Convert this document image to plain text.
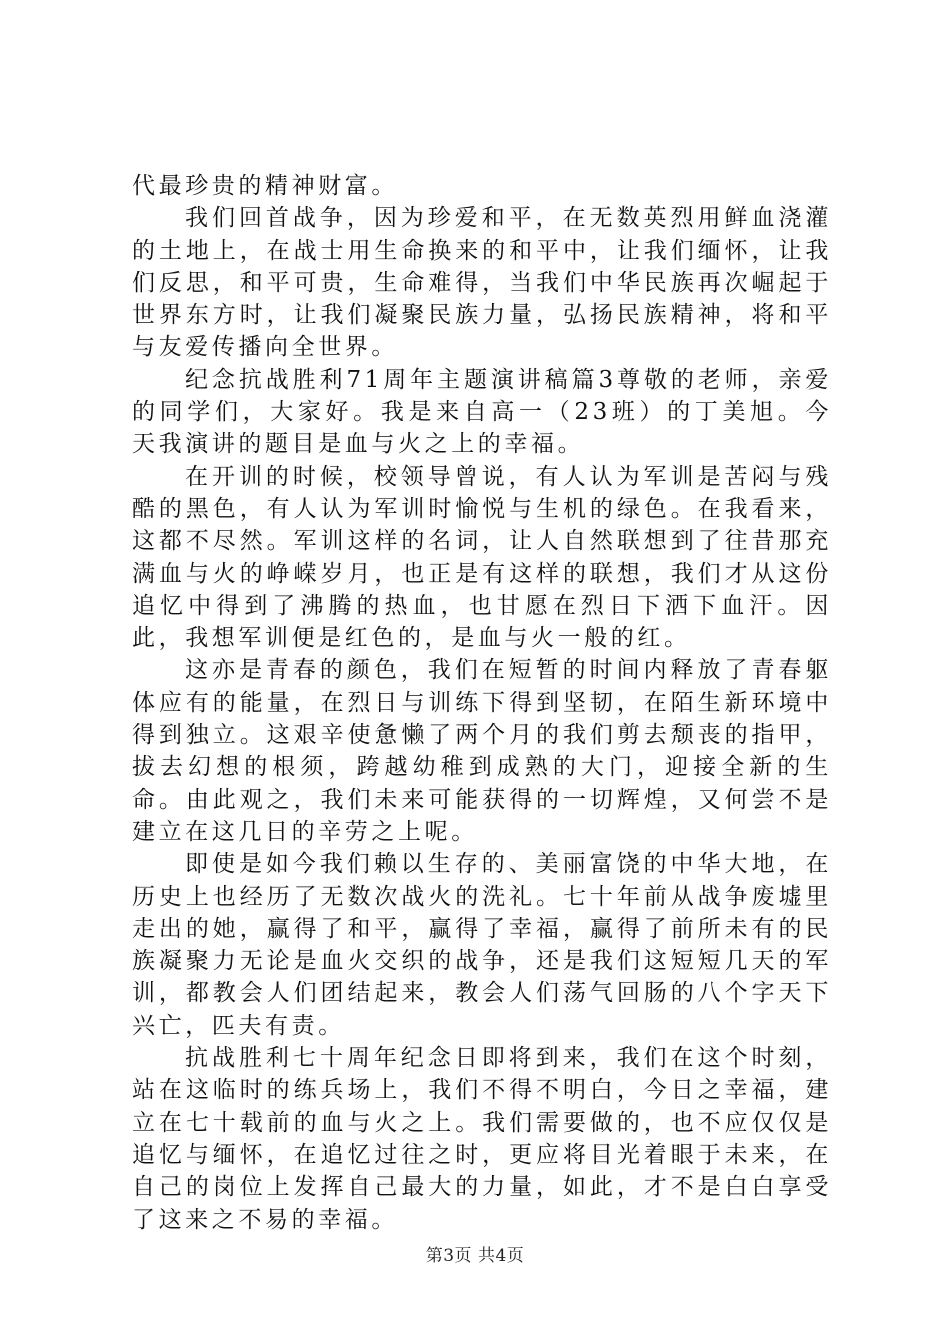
代最珍贵的精神财富。

我们回首战争，因为珍爱和平，在无数英烈用鲜血浇灌的土地上，在战士用生命换来的和平中，让我们缅怀，让我们反思，和平可贵，生命难得，当我们中华民族再次崛起于世界东方时，让我们凝聚民族力量，弘扬民族精神，将和平与友爱传播向全世界。

纪念抗战胜利71周年主题演讲稿篇3尊敬的老师，亲爱的同学们，大家好。我是来自高一（23班）的丁美旭。今天我演讲的题目是血与火之上的幸福。

在开训的时候，校领导曾说，有人认为军训是苦闷与残酷的黑色，有人认为军训时愉悦与生机的绿色。在我看来，这都不尽然。军训这样的名词，让人自然联想到了往昔那充满血与火的峥嵘岁月，也正是有这样的联想，我们才从这份追忆中得到了沸腾的热血，也甘愿在烈日下洒下血汗。因此，我想军训便是红色的，是血与火一般的红。

这亦是青春的颜色，我们在短暂的时间内释放了青春躯体应有的能量，在烈日与训练下得到坚韧，在陌生新环境中得到独立。这艰辛使惫懒了两个月的我们剪去颓丧的指甲，拔去幻想的根须，跨越幼稚到成熟的大门，迎接全新的生命。由此观之，我们未来可能获得的一切辉煌，又何尝不是建立在这几日的辛劳之上呢。

即使是如今我们赖以生存的、美丽富饶的中华大地，在历史上也经历了无数次战火的洗礼。七十年前从战争废墟里走出的她，赢得了和平，赢得了幸福，赢得了前所未有的民族凝聚力无论是血火交织的战争，还是我们这短短几天的军训，都教会人们团结起来，教会人们荡气回肠的八个字天下兴亡，匹夫有责。

抗战胜利七十周年纪念日即将到来，我们在这个时刻，站在这临时的练兵场上，我们不得不明白，今日之幸福，建立在七十载前的血与火之上。我们需要做的，也不应仅仅是追忆与缅怀，在追忆过往之时，更应将目光着眼于未来，在自己的岗位上发挥自己最大的力量，如此，才不是白白享受了这来之不易的幸福。

第3页 共4页
